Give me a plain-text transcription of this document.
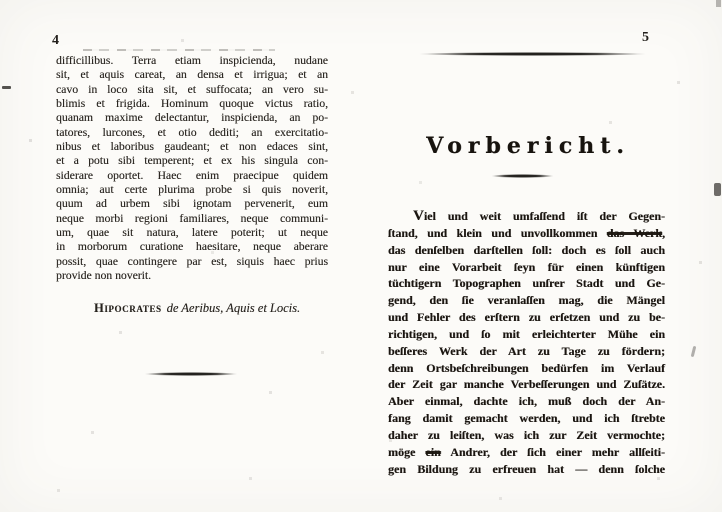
4
difficillibus. Terra etiam inspicienda, nudane
sit, et aquis careat, an densa et irrigua; et an
cavo in loco sita sit, et suffocata; an vero su-
blimis et frigida. Hominum quoque victus ratio,
quanam maxime delectantur, inspicienda, an po-
tatores, lurcones, et otio dediti; an exercitatio-
nibus et laboribus gaudeant; et non edaces sint,
et a potu sibi temperent; et ex his singula con-
siderare oportet. Haec enim praecipue quidem
omnia; aut certe plurima probe si quis noverit,
quum ad urbem sibi ignotam pervenerit, eum
neque morbi regioni familiares, neque communi-
um, quae sit natura, latere poterit; ut neque
in morborum curatione haesitare, neque aberare
possit, quae contingere par est, siquis haec prius
provide non noverit.
Hipocrates de Aeribus, Aquis et Locis.
5
Vorbericht.
Viel und weit umfaſſend iſt der Gegen-
ſtand, und klein und unvollkommen das Werk,
das denſelben darſtellen ſoll: doch es ſoll auch
nur eine Vorarbeit ſeyn für einen künftigen
tüchtigern Topographen unſrer Stadt und Ge-
gend, den ſie veranlaſſen mag, die Mängel
und Fehler des erſtern zu erſetzen und zu be-
richtigen, und ſo mit erleichterter Mühe ein
beſſeres Werk der Art zu Tage zu fördern;
denn Ortsbeſchreibungen bedürfen im Verlauf
der Zeit gar manche Verbeſſerungen und Zuſätze.
Aber einmal, dachte ich, muß doch der An-
fang damit gemacht werden, und ich ſtrebte
daher zu leiſten, was ich zur Zeit vermochte;
möge ein Andrer, der ſich einer mehr allſeiti-
gen Bildung zu erfreuen hat — denn ſolche
